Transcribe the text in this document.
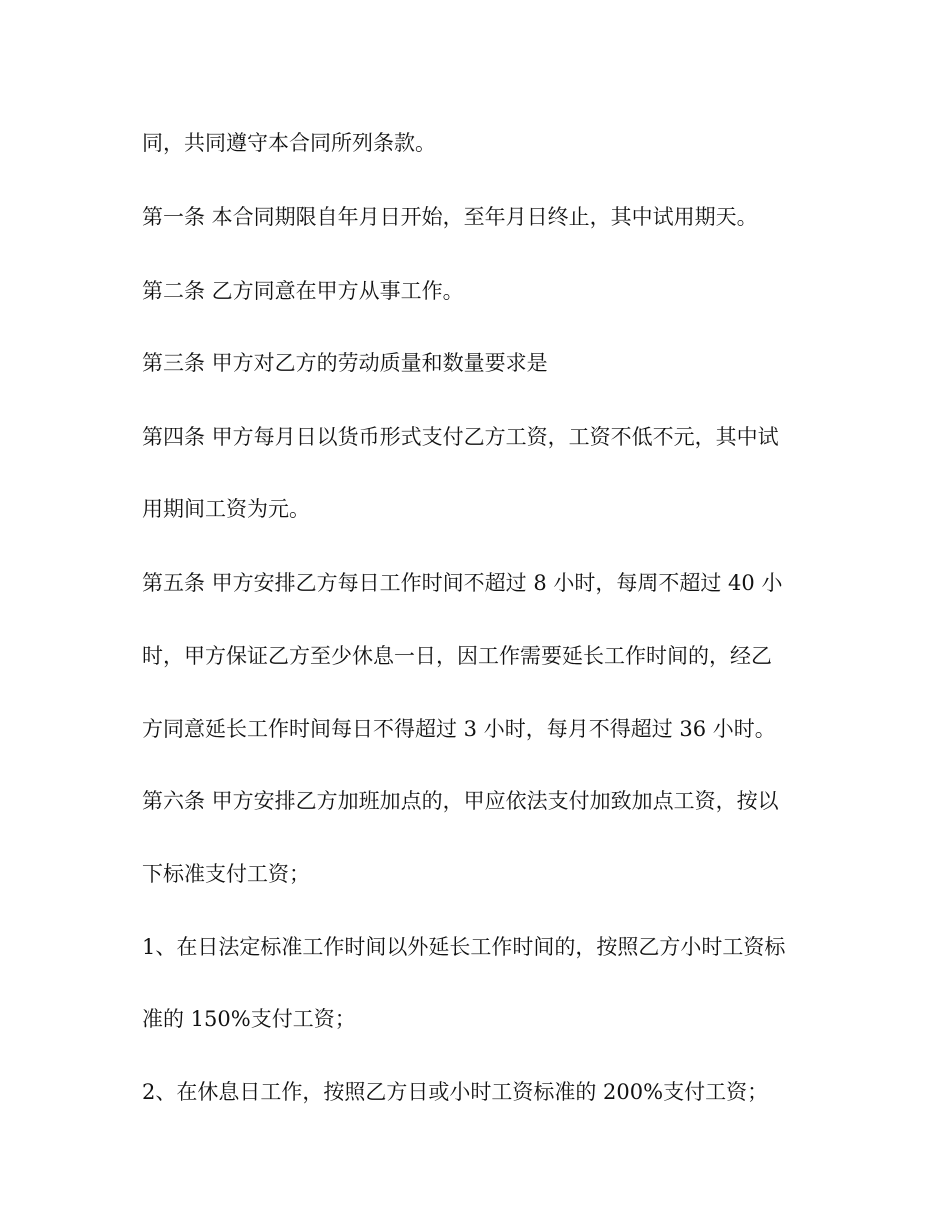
同，共同遵守本合同所列条款。
第一条 本合同期限自年月日开始，至年月日终止，其中试用期天。
第二条 乙方同意在甲方从事工作。
第三条 甲方对乙方的劳动质量和数量要求是
第四条 甲方每月日以货币形式支付乙方工资，工资不低不元，其中试
用期间工资为元。
第五条 甲方安排乙方每日工作时间不超过 8 小时，每周不超过 40 小
时，甲方保证乙方至少休息一日，因工作需要延长工作时间的，经乙
方同意延长工作时间每日不得超过 3 小时，每月不得超过 36 小时。
第六条 甲方安排乙方加班加点的，甲应依法支付加致加点工资，按以
下标准支付工资；
1、在日法定标准工作时间以外延长工作时间的，按照乙方小时工资标
准的 150%支付工资；
2、在休息日工作，按照乙方日或小时工资标准的 200%支付工资；
